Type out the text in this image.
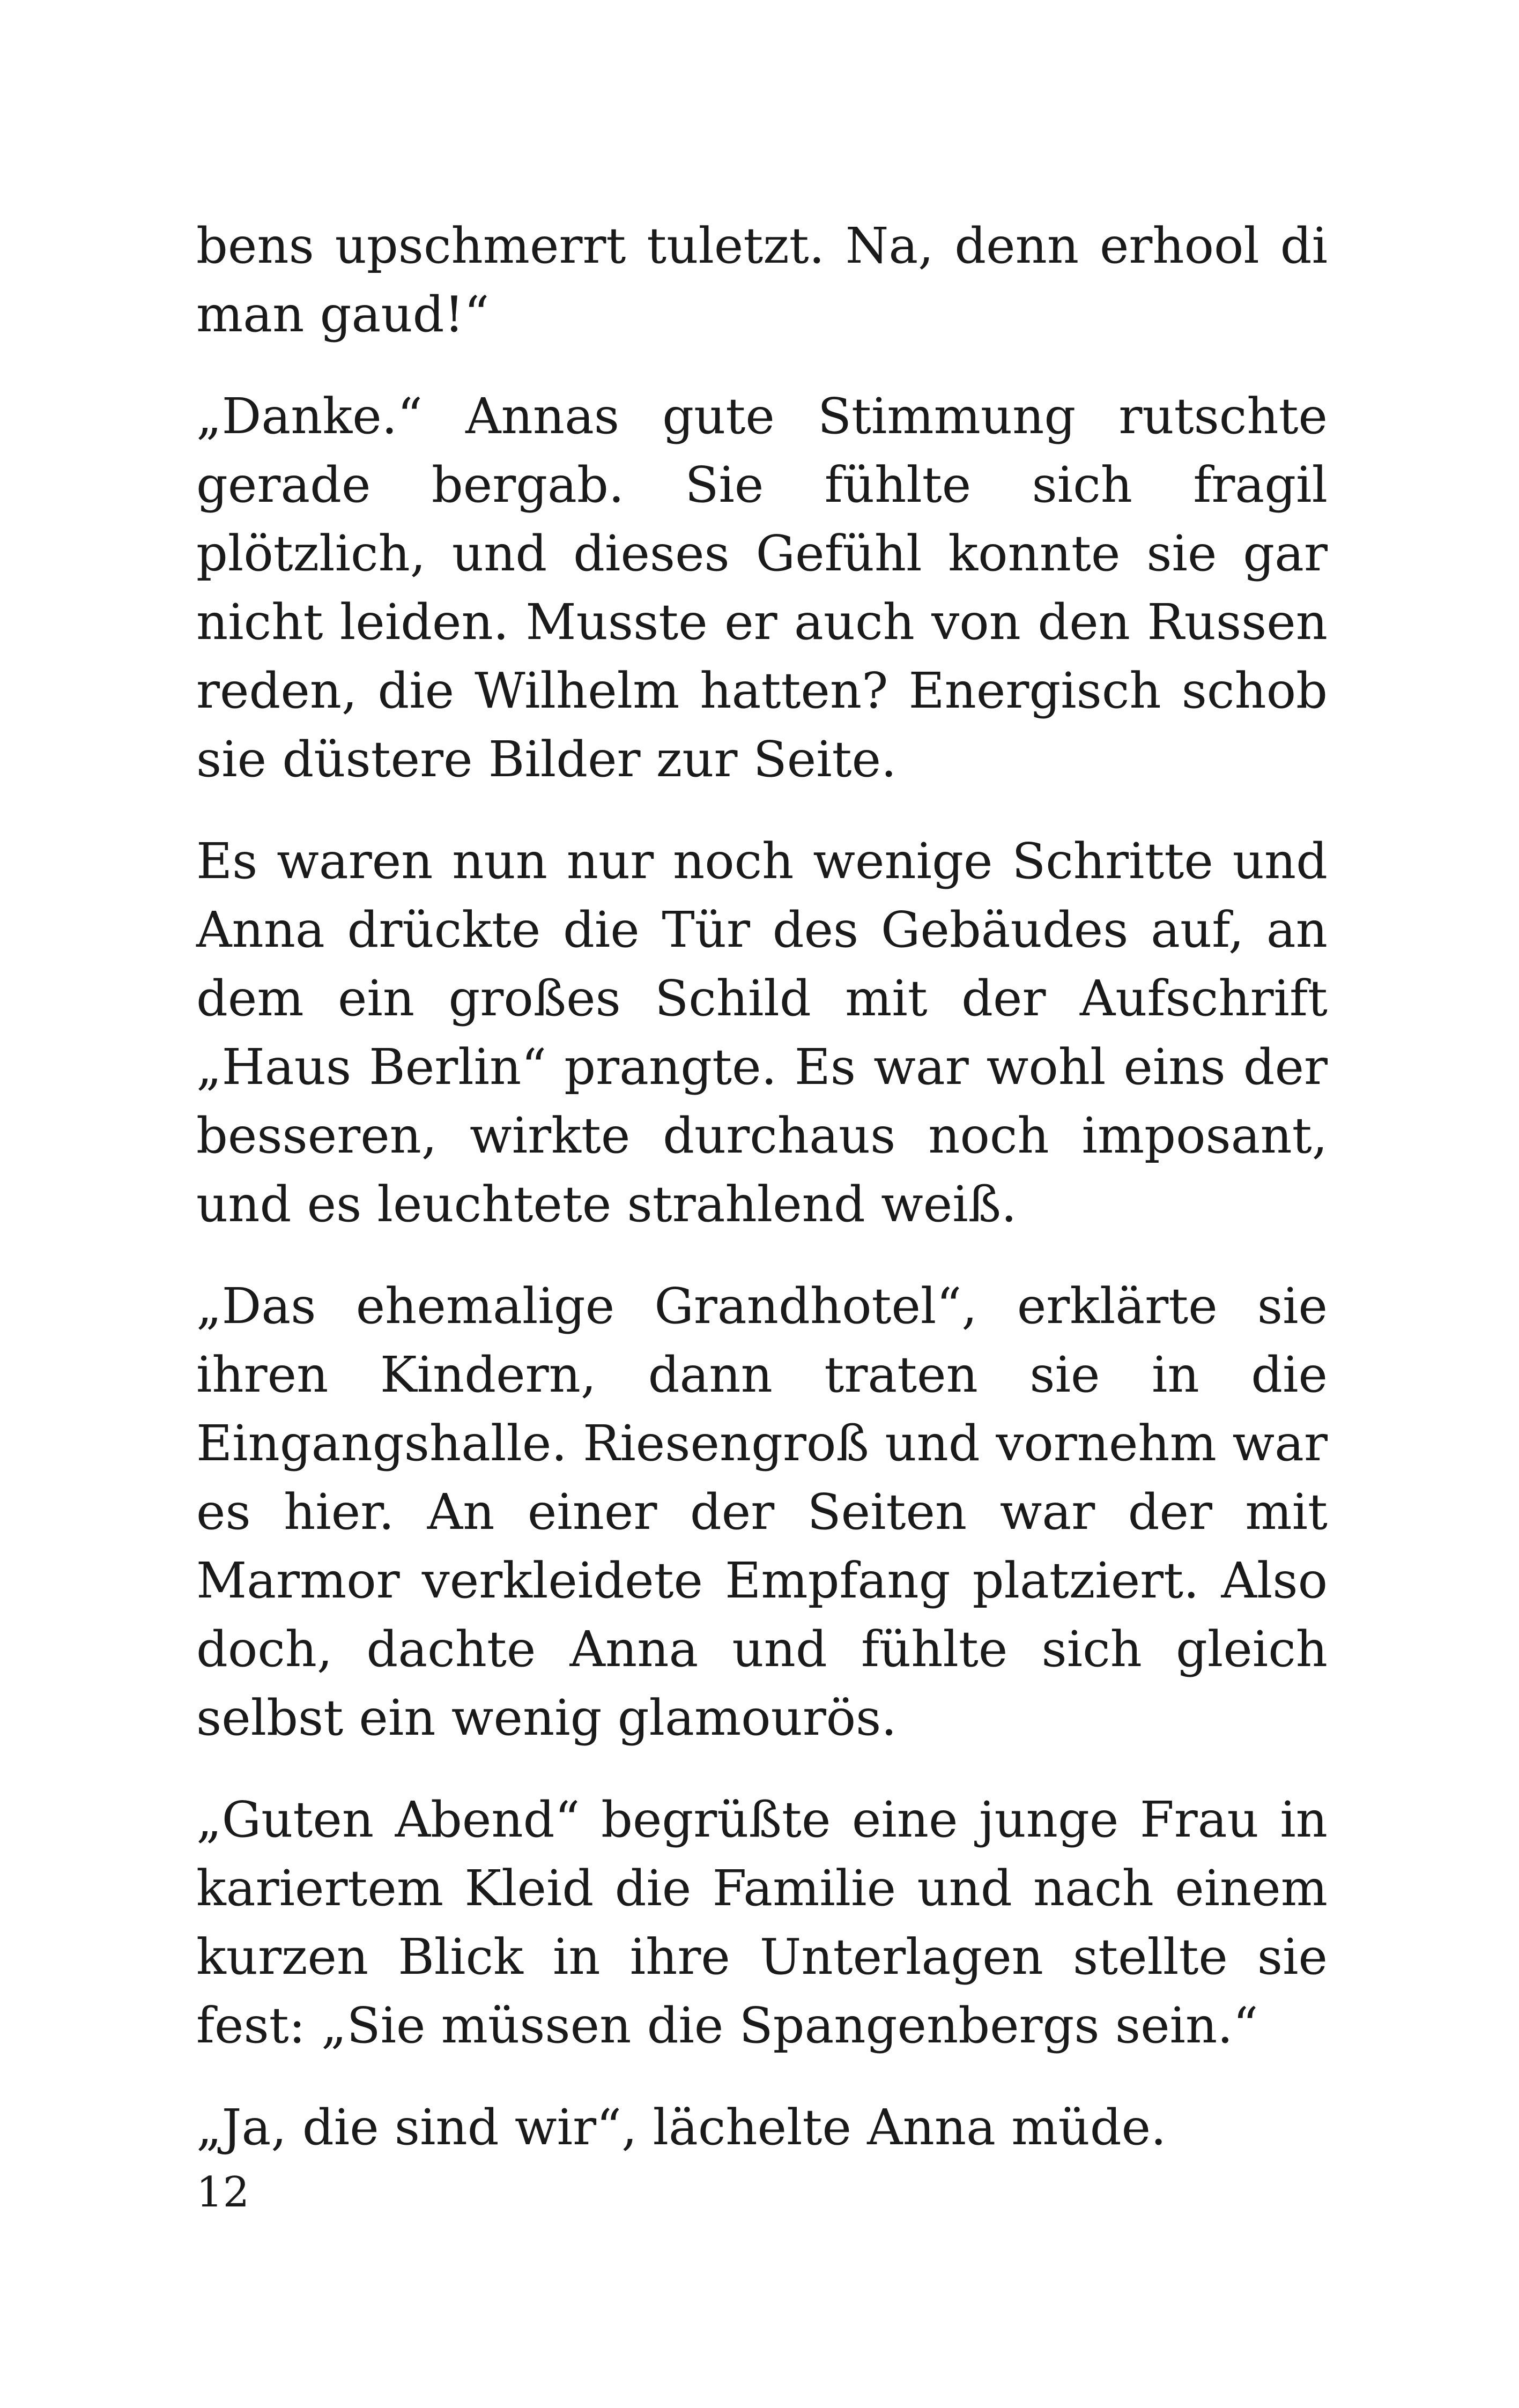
bens upschmerrt tuletzt. Na, denn erhool di man gaud!“

„Danke.“ Annas gute Stimmung rutschte gerade bergab. Sie fühlte sich fragil plötzlich, und dieses Gefühl konnte sie gar nicht leiden. Musste er auch von den Russen reden, die Wilhelm hatten? Energisch schob sie düstere Bilder zur Seite.

Es waren nun nur noch wenige Schritte und Anna drückte die Tür des Gebäudes auf, an dem ein großes Schild mit der Aufschrift „Haus Berlin“ prangte. Es war wohl eins der besseren, wirkte durchaus noch imposant, und es leuchtete strahlend weiß.

„Das ehemalige Grandhotel“, erklärte sie ihren Kindern, dann traten sie in die Eingangshalle. Riesengroß und vornehm war es hier. An einer der Seiten war der mit Marmor verkleidete Empfang platziert. Also doch, dachte Anna und fühlte sich gleich selbst ein wenig glamourös.

„Guten Abend“ begrüßte eine junge Frau in kariertem Kleid die Familie und nach einem kurzen Blick in ihre Unterlagen stellte sie fest: „Sie müssen die Spangenbergs sein.“

„Ja, die sind wir“, lächelte Anna müde.

12
